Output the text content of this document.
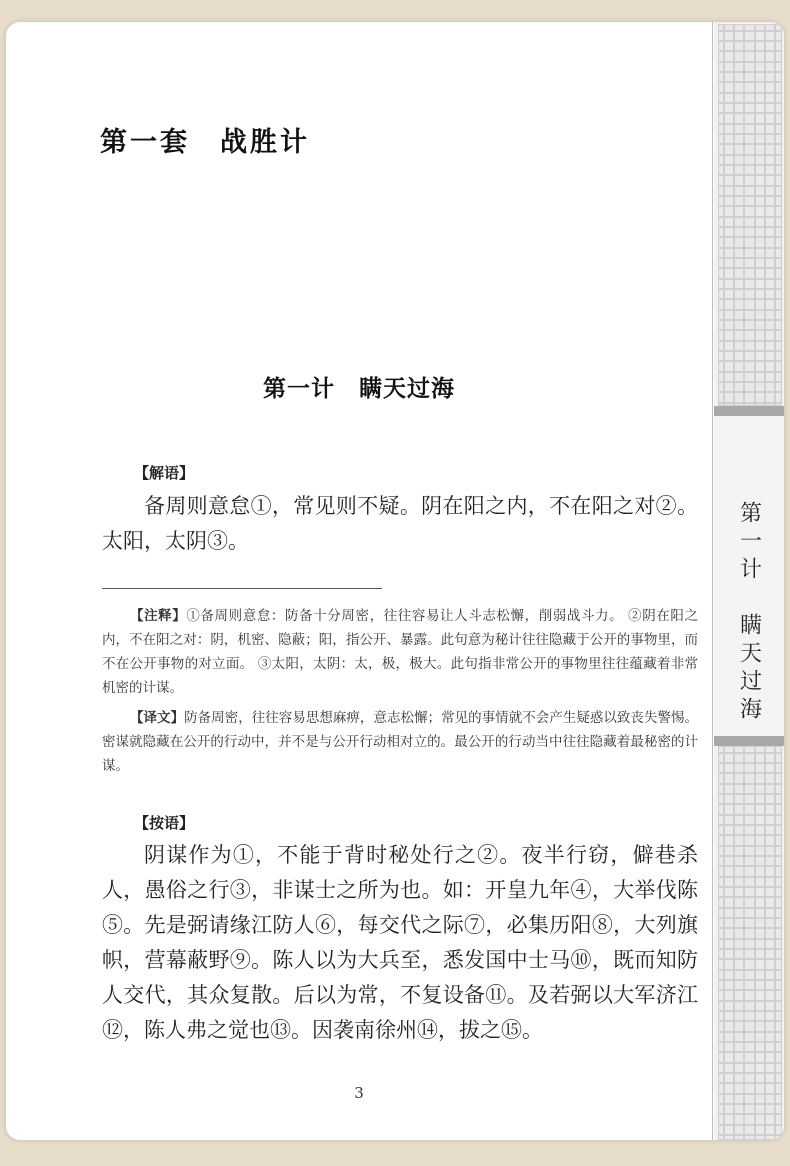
第一套　战胜计
第一计　瞒天过海
【解语】

备周则意怠①，常见则不疑。阴在阳之内，不在阳之对②。太阳，太阴③。

【注释】①备周则意怠：防备十分周密，往往容易让人斗志松懈，削弱战斗力。 ②阴在阳之内，不在阳之对：阴，机密、隐蔽；阳，指公开、暴露。此句意为秘计往往隐藏于公开的事物里，而不在公开事物的对立面。 ③太阳，太阴：太，极，极大。此句指非常公开的事物里往往蕴藏着非常机密的计谋。

【译文】防备周密，往往容易思想麻痹，意志松懈；常见的事情就不会产生疑惑以致丧失警惕。密谋就隐藏在公开的行动中，并不是与公开行动相对立的。最公开的行动当中往往隐藏着最秘密的计谋。

【按语】

阴谋作为①，不能于背时秘处行之②。夜半行窃，僻巷杀人，愚俗之行③，非谋士之所为也。如：开皇九年④，大举伐陈⑤。先是弼请缘江防人⑥，每交代之际⑦，必集历阳⑧，大列旗帜，营幕蔽野⑨。陈人以为大兵至，悉发国中士马⑩，既而知防人交代，其众复散。后以为常，不复设备⑪。及若弼以大军济江⑫，陈人弗之觉也⑬。因袭南徐州⑭，拔之⑮。

3
第一计　瞒天过海
